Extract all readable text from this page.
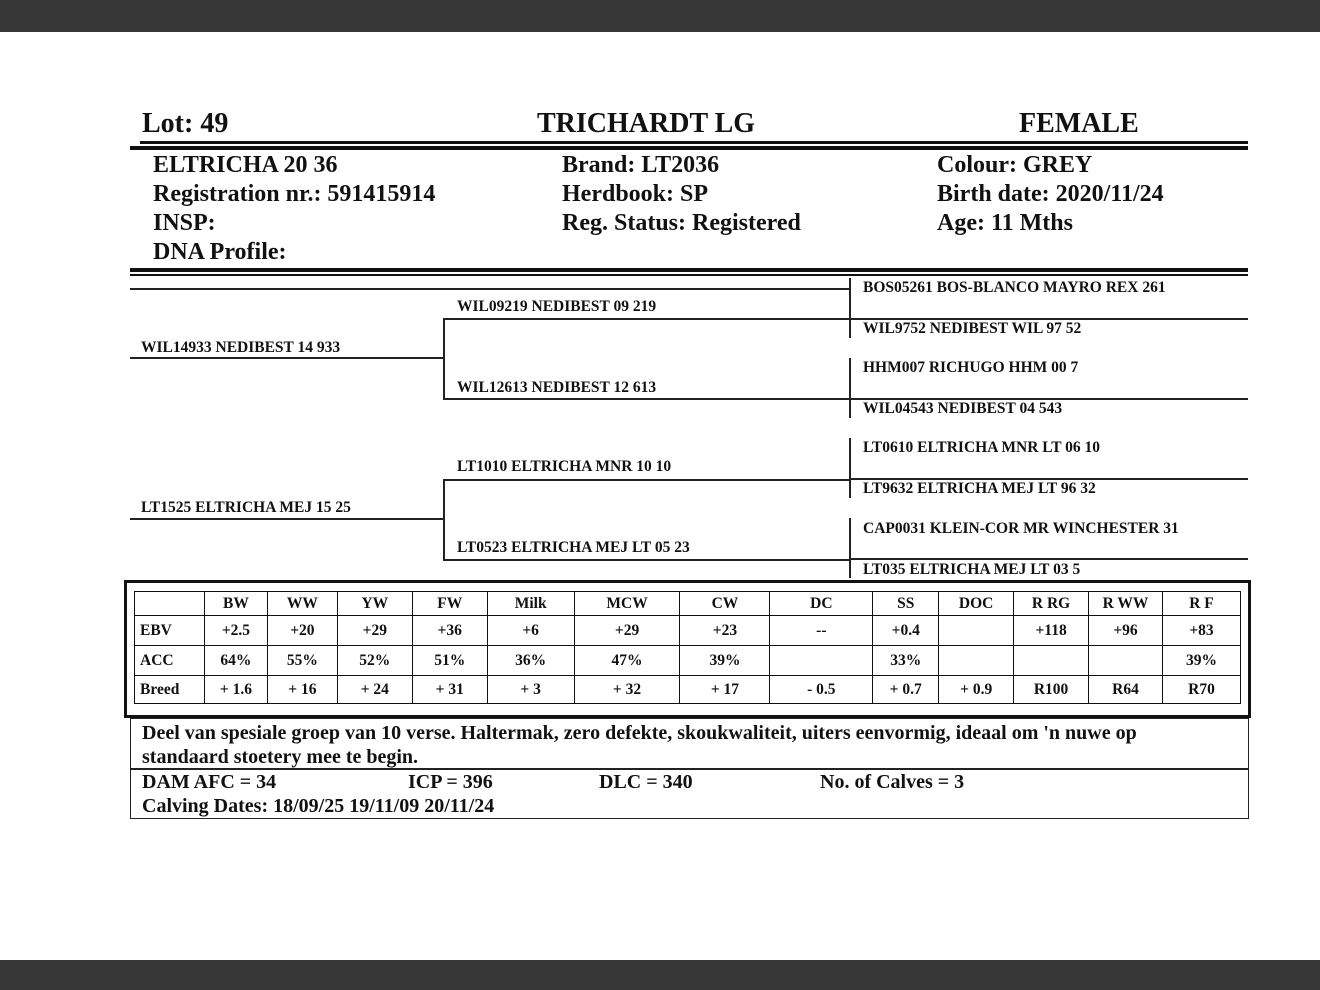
Lot: 49	TRICHARDT LG	FEMALE
ELTRICHA 20 36
Registration nr.: 591415914
INSP:
DNA Profile:
Brand: LT2036
Herdbook: SP
Reg. Status: Registered
Colour: GREY
Birth date: 2020/11/24
Age: 11 Mths
WIL14933 NEDIBEST 14 933
LT1525 ELTRICHA MEJ 15 25
WIL09219 NEDIBEST 09 219
WIL12613 NEDIBEST 12 613
LT1010 ELTRICHA MNR 10 10
LT0523 ELTRICHA MEJ LT 05 23
BOS05261 BOS-BLANCO MAYRO REX 261
WIL9752 NEDIBEST WIL 97 52
HHM007 RICHUGO HHM 00 7
WIL04543 NEDIBEST 04 543
LT0610 ELTRICHA MNR LT 06 10
LT9632 ELTRICHA MEJ LT 96 32
CAP0031 KLEIN-COR MR WINCHESTER 31
LT035 ELTRICHA MEJ LT 03 5
	BW	WW	YW	FW	Milk	MCW	CW	DC	SS	DOC	R RG	R WW	R F
EBV	+2.5	+20	+29	+36	+6	+29	+23	--	+0.4		+118	+96	+83
ACC	64%	55%	52%	51%	36%	47%	39%		33%				39%
Breed	+ 1.6	+ 16	+ 24	+ 31	+ 3	+ 32	+ 17	- 0.5	+ 0.7	+ 0.9	R100	R64	R70
Deel van spesiale groep van 10 verse. Haltermak, zero defekte, skoukwaliteit, uiters eenvormig, ideaal om 'n nuwe op
standaard stoetery mee te begin.
DAM AFC = 34	ICP = 396	DLC = 340	No. of Calves = 3
Calving Dates: 18/09/25 19/11/09 20/11/24
